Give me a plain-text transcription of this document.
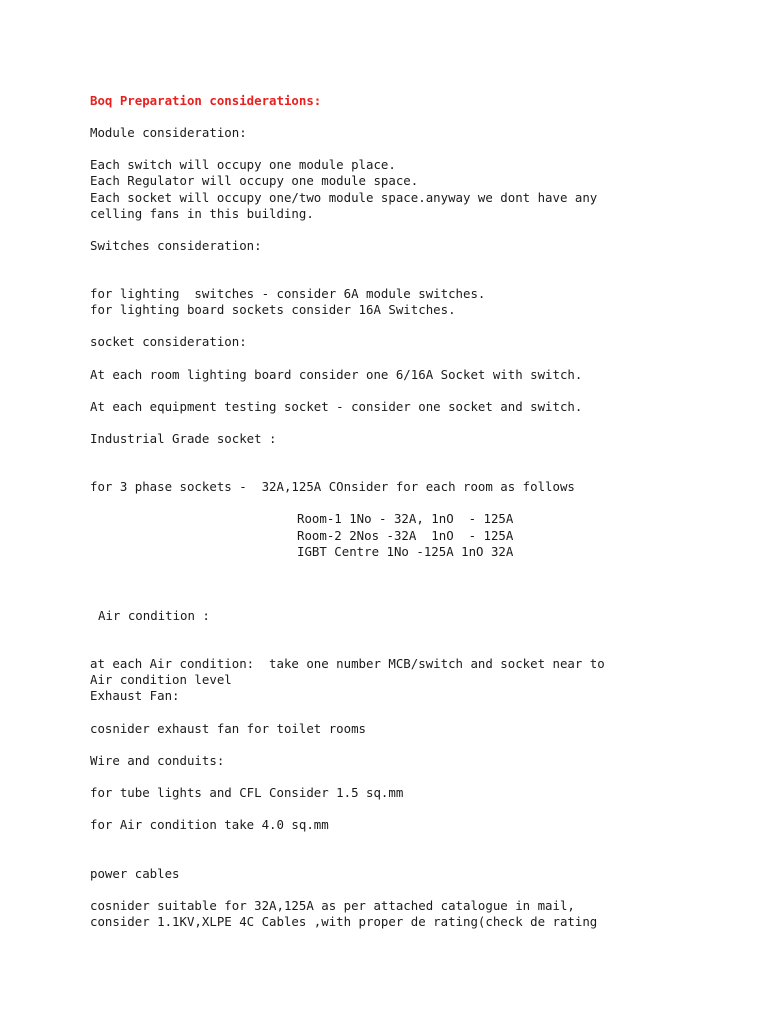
Boq Preparation considerations:
Module consideration:
Each switch will occupy one module place.
Each Regulator will occupy one module space.
Each socket will occupy one/two module space.anyway we dont have any
celling fans in this building.
Switches consideration:
for lighting  switches - consider 6A module switches.
for lighting board sockets consider 16A Switches.
socket consideration:
At each room lighting board consider one 6/16A Socket with switch.
At each equipment testing socket - consider one socket and switch.
Industrial Grade socket :
for 3 phase sockets -  32A,125A COnsider for each room as follows
Room-1 1No - 32A, 1nO  - 125A
Room-2 2Nos -32A  1nO  - 125A
IGBT Centre 1No -125A 1nO 32A
Air condition :
at each Air condition:  take one number MCB/switch and socket near to
Air condition level
Exhaust Fan:
cosnider exhaust fan for toilet rooms
Wire and conduits:
for tube lights and CFL Consider 1.5 sq.mm
for Air condition take 4.0 sq.mm
power cables
cosnider suitable for 32A,125A as per attached catalogue in mail,
consider 1.1KV,XLPE 4C Cables ,with proper de rating(check de rating
